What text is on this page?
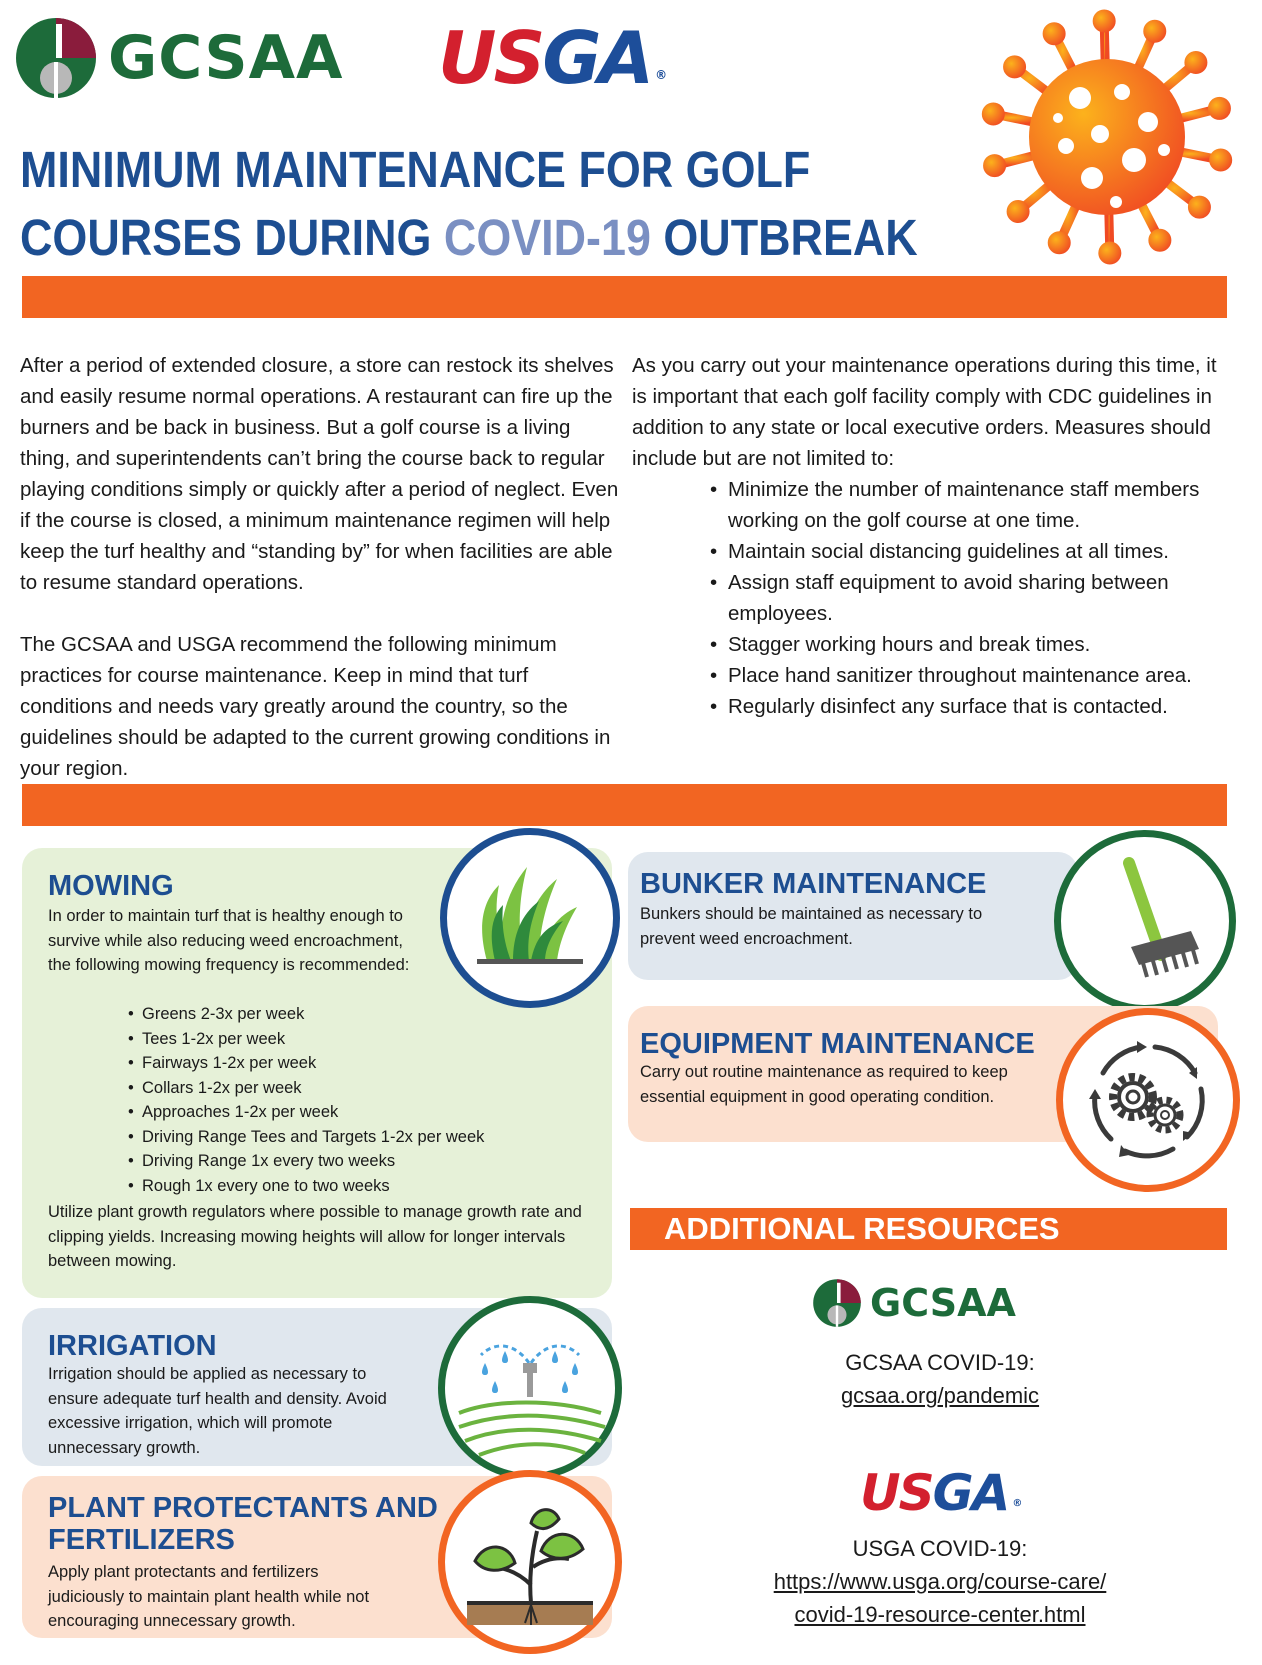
GCSAA USGA ®
MINIMUM MAINTENANCE FOR GOLF
COURSES DURING COVID-19 OUTBREAK

After a period of extended closure, a store can restock its shelves and easily resume normal operations. A restaurant can fire up the burners and be back in business. But a golf course is a living thing, and superintendents can’t bring the course back to regular playing conditions simply or quickly after a period of neglect. Even if the course is closed, a minimum maintenance regimen will help keep the turf healthy and “standing by” for when facilities are able to resume standard operations.

The GCSAA and USGA recommend the following minimum practices for course maintenance. Keep in mind that turf conditions and needs vary greatly around the country, so the guidelines should be adapted to the current growing conditions in your region.

As you carry out your maintenance operations during this time, it is important that each golf facility comply with CDC guidelines in addition to any state or local executive orders. Measures should include but are not limited to:

• Minimize the number of maintenance staff members working on the golf course at one time.
• Maintain social distancing guidelines at all times.
• Assign staff equipment to avoid sharing between employees.
• Stagger working hours and break times.
• Place hand sanitizer throughout maintenance area.
• Regularly disinfect any surface that is contacted.
MOWING
In order to maintain turf that is healthy enough to survive while also reducing weed encroachment, the following mowing frequency is recommended:
• Greens 2-3x per week
• Tees 1-2x per week
• Fairways 1-2x per week
• Collars 1-2x per week
• Approaches 1-2x per week
• Driving Range Tees and Targets 1-2x per week
• Driving Range 1x every two weeks
• Rough 1x every one to two weeks
Utilize plant growth regulators where possible to manage growth rate and clipping yields. Increasing mowing heights will allow for longer intervals between mowing.
IRRIGATION
Irrigation should be applied as necessary to ensure adequate turf health and density. Avoid excessive irrigation, which will promote unnecessary growth.
PLANT PROTECTANTS AND
FERTILIZERS
Apply plant protectants and fertilizers judiciously to maintain plant health while not encouraging unnecessary growth.
BUNKER MAINTENANCE
Bunkers should be maintained as necessary to prevent weed encroachment.
EQUIPMENT MAINTENANCE
Carry out routine maintenance as required to keep essential equipment in good operating condition.
ADDITIONAL RESOURCES
GCSAA
GCSAA COVID-19:
gcsaa.org/pandemic
USGA ®
USGA COVID-19:
https://www.usga.org/course-care/
covid-19-resource-center.html
